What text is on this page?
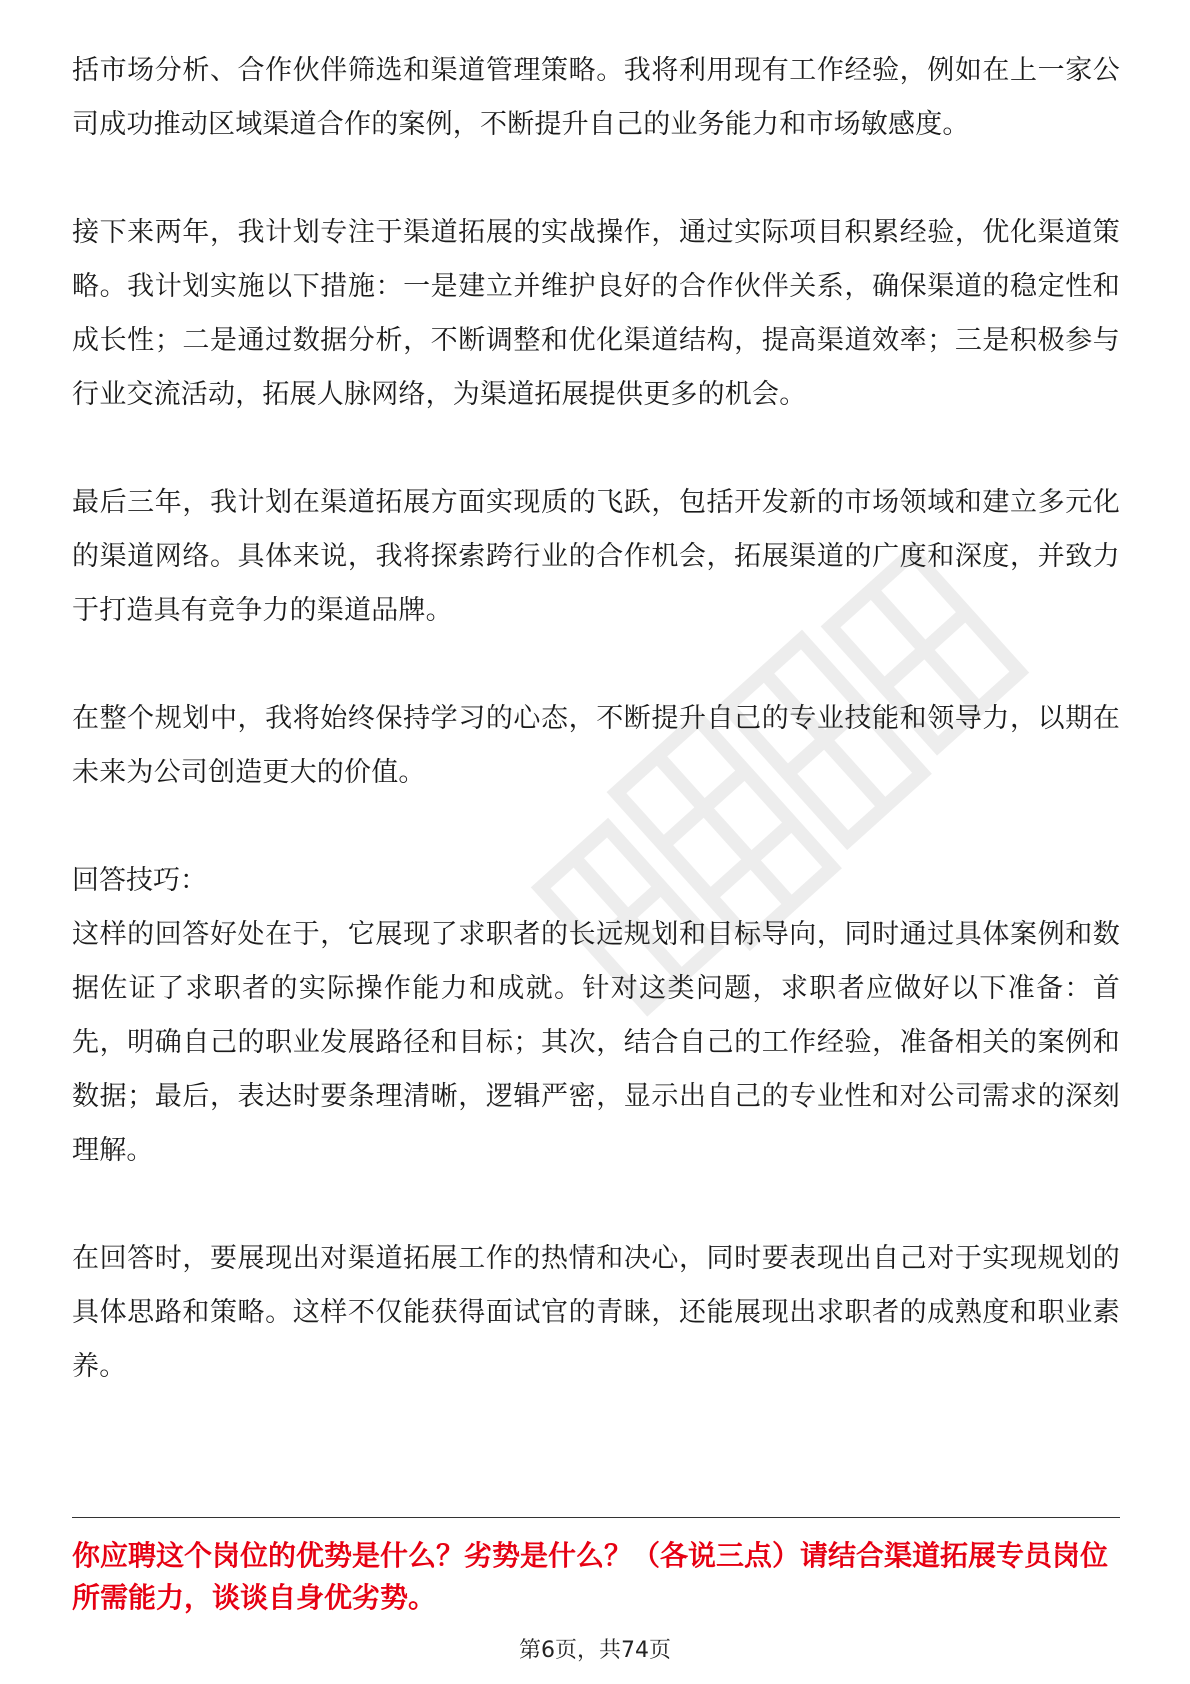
括市场分析、合作伙伴筛选和渠道管理策略。我将利用现有工作经验，例如在上一家公司成功推动区域渠道合作的案例，不断提升自己的业务能力和市场敏感度。

接下来两年，我计划专注于渠道拓展的实战操作，通过实际项目积累经验，优化渠道策略。我计划实施以下措施：一是建立并维护良好的合作伙伴关系，确保渠道的稳定性和成长性；二是通过数据分析，不断调整和优化渠道结构，提高渠道效率；三是积极参与行业交流活动，拓展人脉网络，为渠道拓展提供更多的机会。

最后三年，我计划在渠道拓展方面实现质的飞跃，包括开发新的市场领域和建立多元化的渠道网络。具体来说，我将探索跨行业的合作机会，拓展渠道的广度和深度，并致力于打造具有竞争力的渠道品牌。

在整个规划中，我将始终保持学习的心态，不断提升自己的专业技能和领导力，以期在未来为公司创造更大的价值。

回答技巧：

这样的回答好处在于，它展现了求职者的长远规划和目标导向，同时通过具体案例和数据佐证了求职者的实际操作能力和成就。针对这类问题，求职者应做好以下准备：首先，明确自己的职业发展路径和目标；其次，结合自己的工作经验，准备相关的案例和数据；最后，表达时要条理清晰，逻辑严密，显示出自己的专业性和对公司需求的深刻理解。

在回答时，要展现出对渠道拓展工作的热情和决心，同时要表现出自己对于实现规划的具体思路和策略。这样不仅能获得面试官的青睐，还能展现出求职者的成熟度和职业素养。

你应聘这个岗位的优势是什么？劣势是什么？（各说三点）请结合渠道拓展专员岗位所需能力，谈谈自身优劣势。

第6页，共74页
